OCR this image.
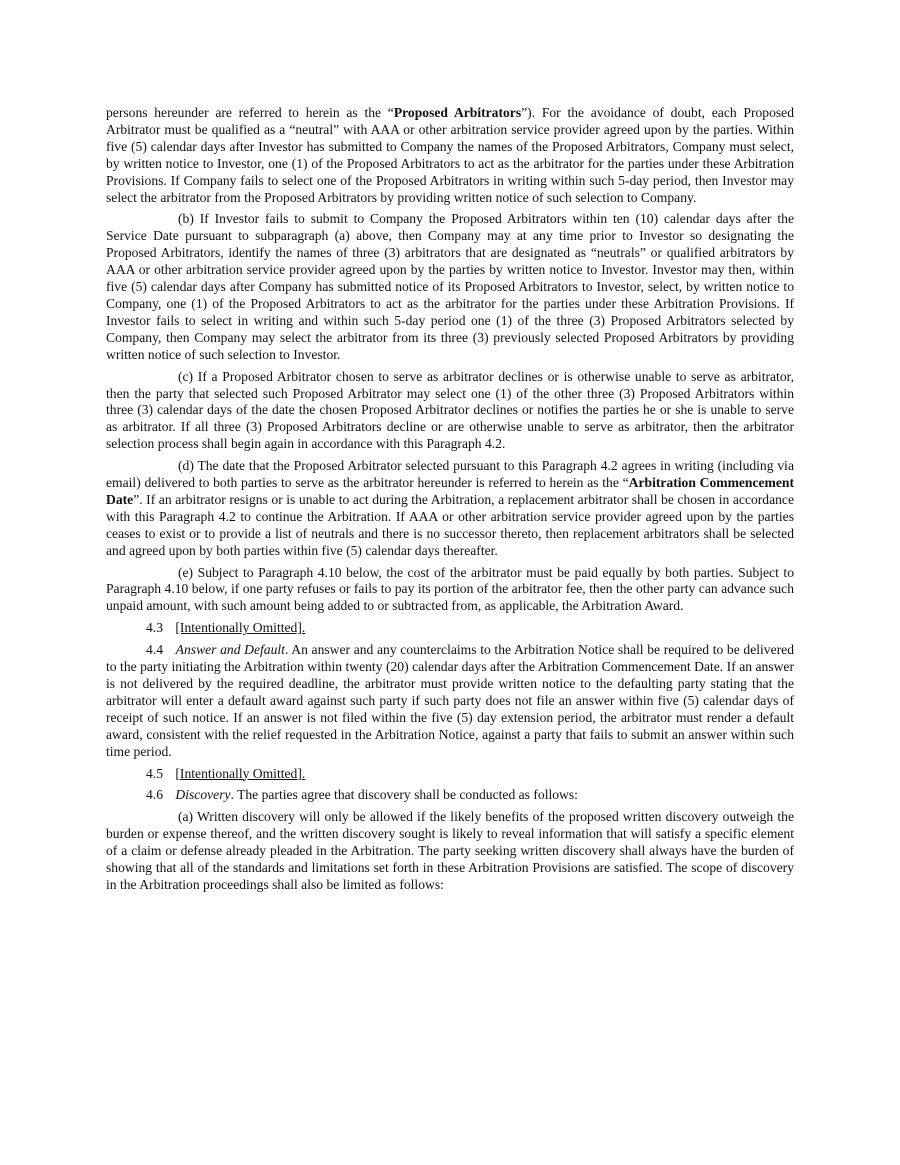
persons hereunder are referred to herein as the “Proposed Arbitrators”). For the avoidance of doubt, each Proposed Arbitrator must be qualified as a “neutral” with AAA or other arbitration service provider agreed upon by the parties. Within five (5) calendar days after Investor has submitted to Company the names of the Proposed Arbitrators, Company must select, by written notice to Investor, one (1) of the Proposed Arbitrators to act as the arbitrator for the parties under these Arbitration Provisions. If Company fails to select one of the Proposed Arbitrators in writing within such 5-day period, then Investor may select the arbitrator from the Proposed Arbitrators by providing written notice of such selection to Company.

(b) If Investor fails to submit to Company the Proposed Arbitrators within ten (10) calendar days after the Service Date pursuant to subparagraph (a) above, then Company may at any time prior to Investor so designating the Proposed Arbitrators, identify the names of three (3) arbitrators that are designated as “neutrals” or qualified arbitrators by AAA or other arbitration service provider agreed upon by the parties by written notice to Investor. Investor may then, within five (5) calendar days after Company has submitted notice of its Proposed Arbitrators to Investor, select, by written notice to Company, one (1) of the Proposed Arbitrators to act as the arbitrator for the parties under these Arbitration Provisions. If Investor fails to select in writing and within such 5-day period one (1) of the three (3) Proposed Arbitrators selected by Company, then Company may select the arbitrator from its three (3) previously selected Proposed Arbitrators by providing written notice of such selection to Investor.

(c) If a Proposed Arbitrator chosen to serve as arbitrator declines or is otherwise unable to serve as arbitrator, then the party that selected such Proposed Arbitrator may select one (1) of the other three (3) Proposed Arbitrators within three (3) calendar days of the date the chosen Proposed Arbitrator declines or notifies the parties he or she is unable to serve as arbitrator. If all three (3) Proposed Arbitrators decline or are otherwise unable to serve as arbitrator, then the arbitrator selection process shall begin again in accordance with this Paragraph 4.2.

(d) The date that the Proposed Arbitrator selected pursuant to this Paragraph 4.2 agrees in writing (including via email) delivered to both parties to serve as the arbitrator hereunder is referred to herein as the “Arbitration Commencement Date”. If an arbitrator resigns or is unable to act during the Arbitration, a replacement arbitrator shall be chosen in accordance with this Paragraph 4.2 to continue the Arbitration. If AAA or other arbitration service provider agreed upon by the parties ceases to exist or to provide a list of neutrals and there is no successor thereto, then replacement arbitrators shall be selected and agreed upon by both parties within five (5) calendar days thereafter.

(e) Subject to Paragraph 4.10 below, the cost of the arbitrator must be paid equally by both parties. Subject to Paragraph 4.10 below, if one party refuses or fails to pay its portion of the arbitrator fee, then the other party can advance such unpaid amount, with such amount being added to or subtracted from, as applicable, the Arbitration Award.

4.3 [Intentionally Omitted].

4.4 Answer and Default. An answer and any counterclaims to the Arbitration Notice shall be required to be delivered to the party initiating the Arbitration within twenty (20) calendar days after the Arbitration Commencement Date. If an answer is not delivered by the required deadline, the arbitrator must provide written notice to the defaulting party stating that the arbitrator will enter a default award against such party if such party does not file an answer within five (5) calendar days of receipt of such notice. If an answer is not filed within the five (5) day extension period, the arbitrator must render a default award, consistent with the relief requested in the Arbitration Notice, against a party that fails to submit an answer within such time period.

4.5 [Intentionally Omitted].

4.6 Discovery. The parties agree that discovery shall be conducted as follows:

(a) Written discovery will only be allowed if the likely benefits of the proposed written discovery outweigh the burden or expense thereof, and the written discovery sought is likely to reveal information that will satisfy a specific element of a claim or defense already pleaded in the Arbitration. The party seeking written discovery shall always have the burden of showing that all of the standards and limitations set forth in these Arbitration Provisions are satisfied. The scope of discovery in the Arbitration proceedings shall also be limited as follows:
